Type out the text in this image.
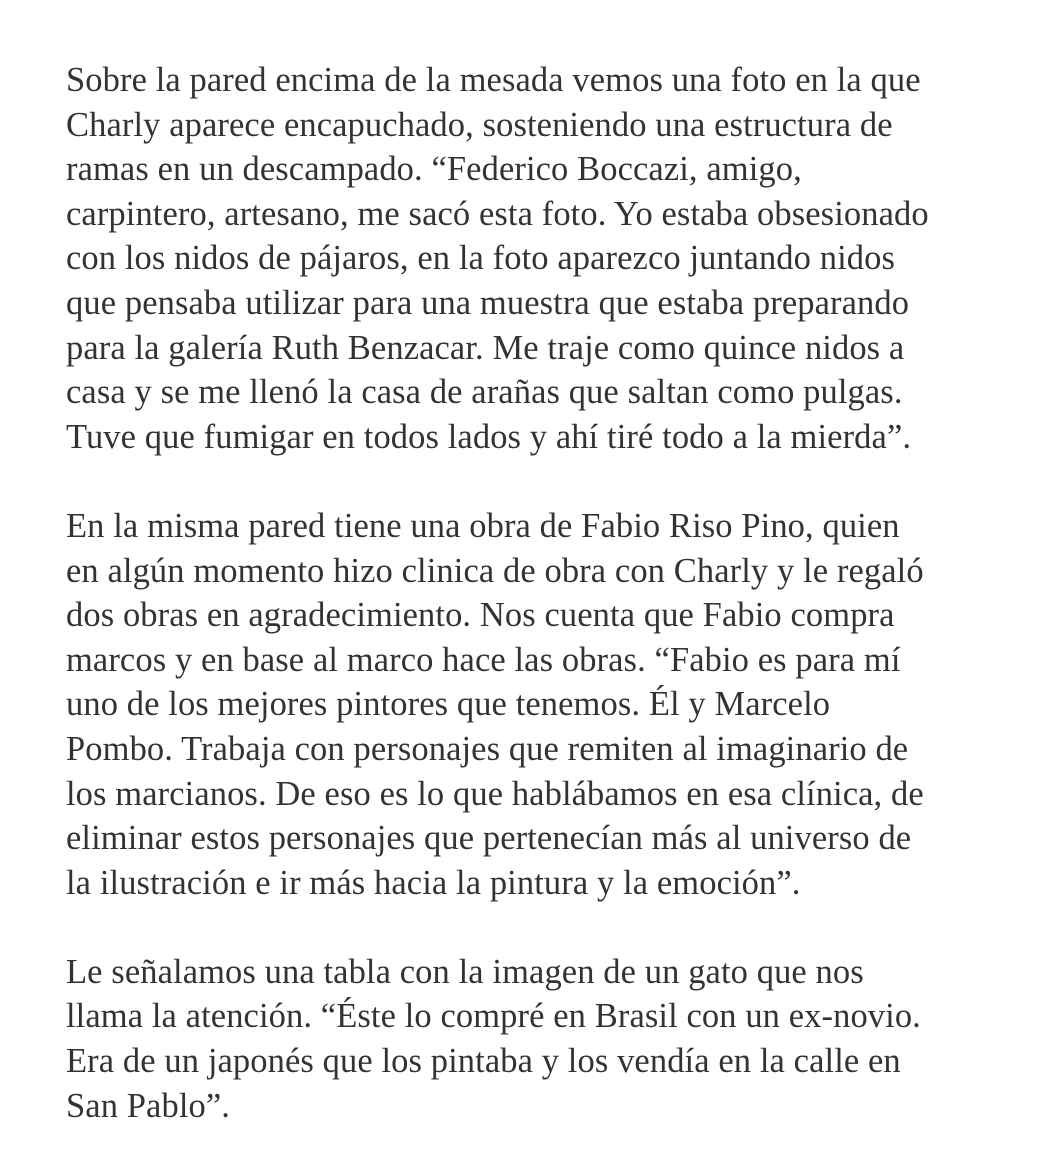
Sobre la pared encima de la mesada vemos una foto en la que
Charly aparece encapuchado, sosteniendo una estructura de
ramas en un descampado. “Federico Boccazi, amigo,
carpintero, artesano, me sacó esta foto. Yo estaba obsesionado
con los nidos de pájaros, en la foto aparezco juntando nidos
que pensaba utilizar para una muestra que estaba preparando
para la galería Ruth Benzacar. Me traje como quince nidos a
casa y se me llenó la casa de arañas que saltan como pulgas.
Tuve que fumigar en todos lados y ahí tiré todo a la mierda”.

En la misma pared tiene una obra de Fabio Riso Pino, quien
en algún momento hizo clinica de obra con Charly y le regaló
dos obras en agradecimiento. Nos cuenta que Fabio compra
marcos y en base al marco hace las obras. “Fabio es para mí
uno de los mejores pintores que tenemos. Él y Marcelo
Pombo. Trabaja con personajes que remiten al imaginario de
los marcianos. De eso es lo que hablábamos en esa clínica, de
eliminar estos personajes que pertenecían más al universo de
la ilustración e ir más hacia la pintura y la emoción”.

Le señalamos una tabla con la imagen de un gato que nos
llama la atención. “Éste lo compré en Brasil con un ex-novio.
Era de un japonés que los pintaba y los vendía en la calle en
San Pablo”.
